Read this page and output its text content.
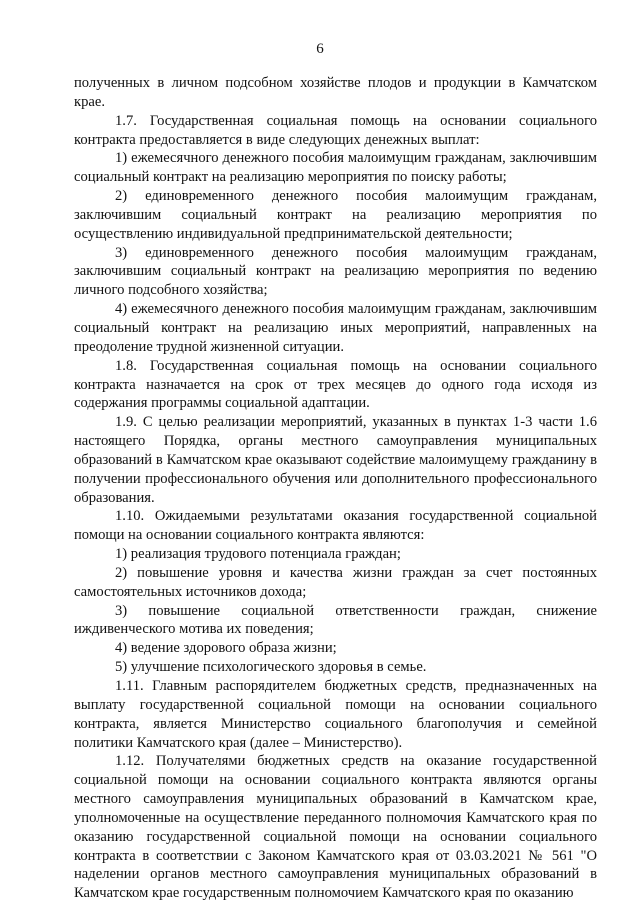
6

полученных в личном подсобном хозяйстве плодов и продукции в Камчатском крае.

1.7. Государственная социальная помощь на основании социального контракта предоставляется в виде следующих денежных выплат:

1) ежемесячного денежного пособия малоимущим гражданам, заключившим социальный контракт на реализацию мероприятия по поиску работы;

2) единовременного денежного пособия малоимущим гражданам, заключившим социальный контракт на реализацию мероприятия по осуществлению индивидуальной предпринимательской деятельности;

3) единовременного денежного пособия малоимущим гражданам, заключившим социальный контракт на реализацию мероприятия по ведению личного подсобного хозяйства;

4) ежемесячного денежного пособия малоимущим гражданам, заключившим социальный контракт на реализацию иных мероприятий, направленных на преодоление трудной жизненной ситуации.

1.8. Государственная социальная помощь на основании социального контракта назначается на срок от трех месяцев до одного года исходя из содержания программы социальной адаптации.

1.9. С целью реализации мероприятий, указанных в пунктах 1-3 части 1.6 настоящего Порядка, органы местного самоуправления муниципальных образований в Камчатском крае оказывают содействие малоимущему гражданину в получении профессионального обучения или дополнительного профессионального образования.

1.10. Ожидаемыми результатами оказания государственной социальной помощи на основании социального контракта являются:

1) реализация трудового потенциала граждан;

2) повышение уровня и качества жизни граждан за счет постоянных самостоятельных источников дохода;

3) повышение социальной ответственности граждан, снижение иждивенческого мотива их поведения;

4) ведение здорового образа жизни;

5) улучшение психологического здоровья в семье.

1.11. Главным распорядителем бюджетных средств, предназначенных на выплату государственной социальной помощи на основании социального контракта, является Министерство социального благополучия и семейной политики Камчатского края (далее – Министерство).

1.12. Получателями бюджетных средств на оказание государственной социальной помощи на основании социального контракта являются органы местного самоуправления муниципальных образований в Камчатском крае, уполномоченные на осуществление переданного полномочия Камчатского края по оказанию государственной социальной помощи на основании социального контракта в соответствии с Законом Камчатского края от 03.03.2021 № 561 "О наделении органов местного самоуправления муниципальных образований в Камчатском крае государственным полномочием Камчатского края по оказанию
